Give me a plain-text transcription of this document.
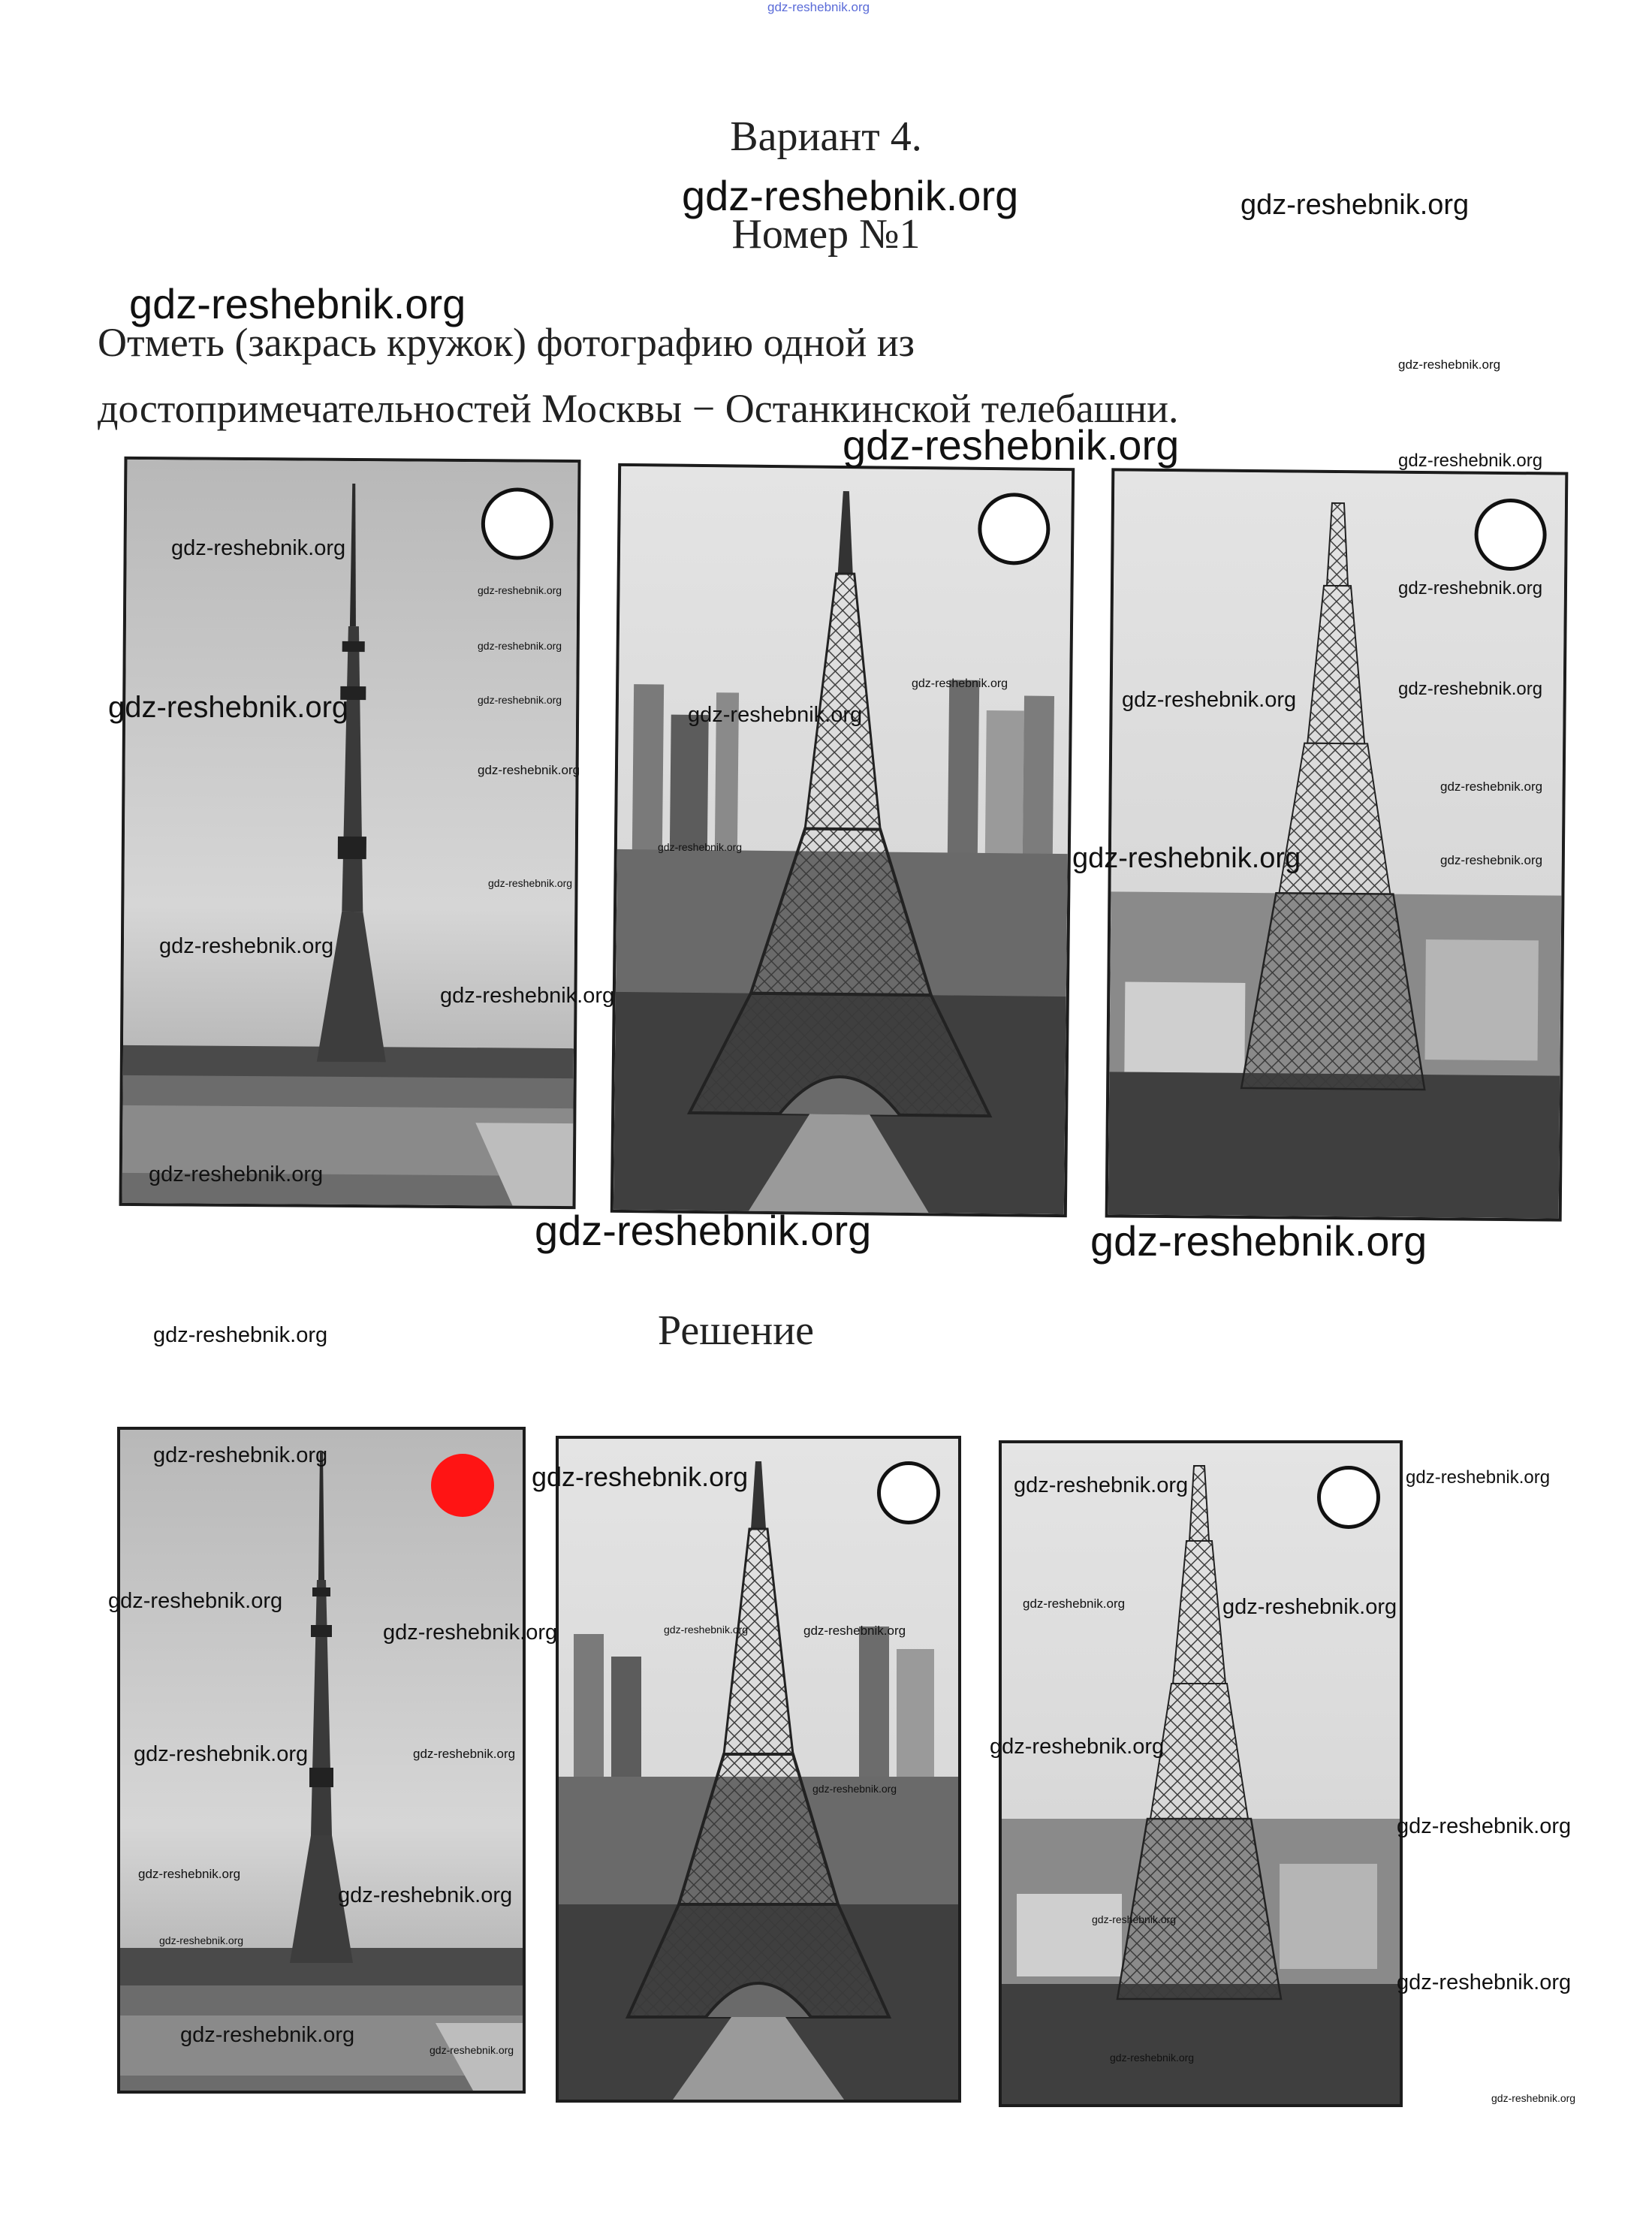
gdz-reshebnik.org
Вариант 4.
Номер №1
Отметь (закрась кружок) фотографию одной из
достопримечательностей Москвы − Останкинской телебашни.
Решение
gdz-reshebnik.org	gdz-reshebnik.org
gdz-reshebnik.org
gdz-reshebnik.org
gdz-reshebnik.org	gdz-reshebnik.org
gdz-reshebnik.org
gdz-reshebnik.org
gdz-reshebnik.org
gdz-reshebnik.org
gdz-reshebnik.org	gdz-reshebnik.org
gdz-reshebnik.org	gdz-reshebnik.org
gdz-reshebnik.org
gdz-reshebnik.org
gdz-reshebnik.org
gdz-reshebnik.org
gdz-reshebnik.org	gdz-reshebnik.org	gdz-reshebnik.org
gdz-reshebnik.org
gdz-reshebnik.org
gdz-reshebnik.org
gdz-reshebnik.org
gdz-reshebnik.org	gdz-reshebnik.org
gdz-reshebnik.org
gdz-reshebnik.org
gdz-reshebnik.org	gdz-reshebnik.org	gdz-reshebnik.org
gdz-reshebnik.org	gdz-reshebnik.org	gdz-reshebnik.org
gdz-reshebnik.org	gdz-reshebnik.org
gdz-reshebnik.org
gdz-reshebnik.org	gdz-reshebnik.org	gdz-reshebnik.org
gdz-reshebnik.org
gdz-reshebnik.org
gdz-reshebnik.org
gdz-reshebnik.org
gdz-reshebnik.org
gdz-reshebnik.org
gdz-reshebnik.org
gdz-reshebnik.org
gdz-reshebnik.org
gdz-reshebnik.org
gdz-reshebnik.org
